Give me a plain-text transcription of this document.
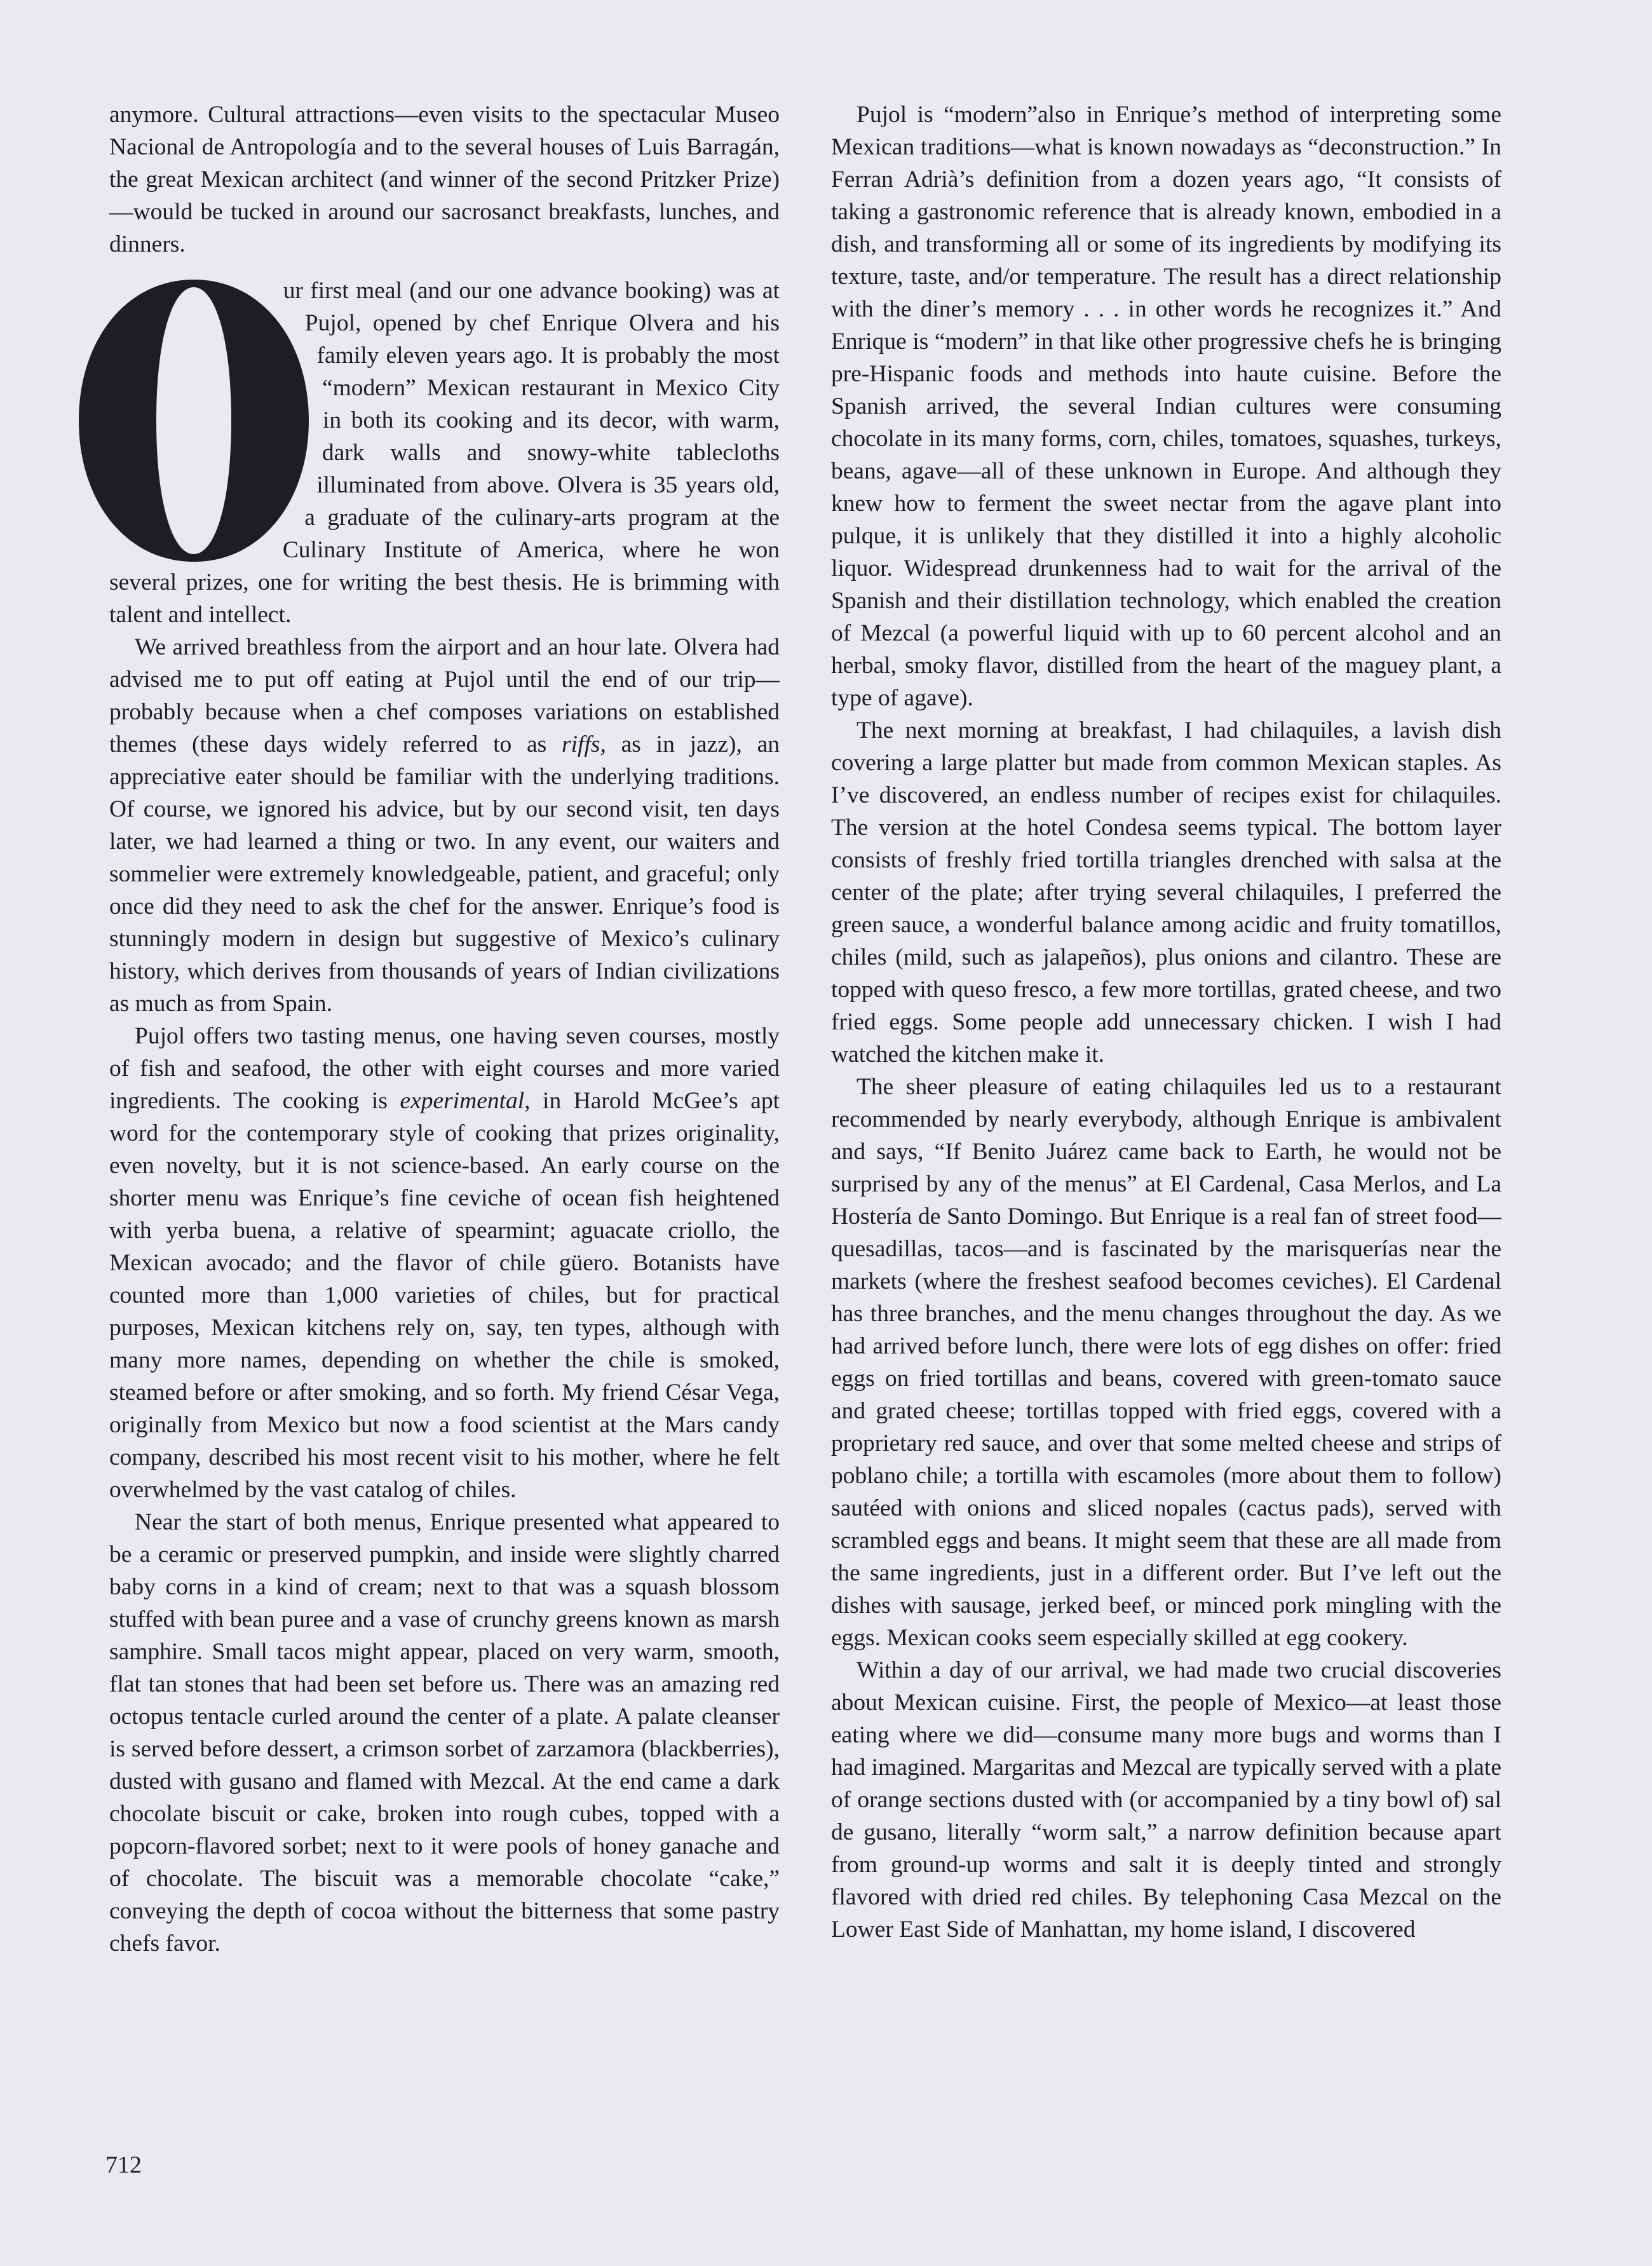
anymore. Cultural attractions—even visits to the spectacular Museo Nacional de Antropología and to the several houses of Luis Barragán, the great Mexican architect (and winner of the second Pritzker Prize)—would be tucked in around our sacrosanct breakfasts, lunches, and dinners.

O
ur first meal (and our one advance booking) was at Pujol, opened by chef Enrique Olvera and his family eleven years ago. It is probably the most “modern” Mexican restaurant in Mexico City in both its cooking and its decor, with warm, dark walls and snowy-white tablecloths illuminated from above. Olvera is 35 years old, a graduate of the culinary-arts program at the Culinary Institute of America, where he won several prizes, one for writing the best thesis. He is brimming with talent and intellect.

We arrived breathless from the airport and an hour late. Olvera had advised me to put off eating at Pujol until the end of our trip—probably because when a chef composes variations on established themes (these days widely referred to as riffs, as in jazz), an appreciative eater should be familiar with the underlying traditions. Of course, we ignored his advice, but by our second visit, ten days later, we had learned a thing or two. In any event, our waiters and sommelier were extremely knowledgeable, patient, and graceful; only once did they need to ask the chef for the answer. Enrique’s food is stunningly modern in design but suggestive of Mexico’s culinary history, which derives from thousands of years of Indian civilizations as much as from Spain.

Pujol offers two tasting menus, one having seven courses, mostly of fish and seafood, the other with eight courses and more varied ingredients. The cooking is experimental, in Harold McGee’s apt word for the contemporary style of cooking that prizes originality, even novelty, but it is not science-based. An early course on the shorter menu was Enrique’s fine ceviche of ocean fish heightened with yerba buena, a relative of spearmint; aguacate criollo, the Mexican avocado; and the flavor of chile güero. Botanists have counted more than 1,000 varieties of chiles, but for practical purposes, Mexican kitchens rely on, say, ten types, although with many more names, depending on whether the chile is smoked, steamed before or after smoking, and so forth. My friend César Vega, originally from Mexico but now a food scientist at the Mars candy company, described his most recent visit to his mother, where he felt overwhelmed by the vast catalog of chiles.

Near the start of both menus, Enrique presented what appeared to be a ceramic or preserved pumpkin, and inside were slightly charred baby corns in a kind of cream; next to that was a squash blossom stuffed with bean puree and a vase of crunchy greens known as marsh samphire. Small tacos might appear, placed on very warm, smooth, flat tan stones that had been set before us. There was an amazing red octopus tentacle curled around the center of a plate. A palate cleanser is served before dessert, a crimson sorbet of zarzamora (blackberries), dusted with gusano and flamed with Mezcal. At the end came a dark chocolate biscuit or cake, broken into rough cubes, topped with a popcorn-flavored sorbet; next to it were pools of honey ganache and of chocolate. The biscuit was a memorable chocolate “cake,” conveying the depth of cocoa without the bitterness that some pastry chefs favor.

Pujol is “modern”also in Enrique’s method of interpreting some Mexican traditions—what is known nowadays as “deconstruction.” In Ferran Adrià’s definition from a dozen years ago, “It consists of taking a gastronomic reference that is already known, embodied in a dish, and transforming all or some of its ingredients by modifying its texture, taste, and/or temperature. The result has a direct relationship with the diner’s memory . . . in other words he recognizes it.” And Enrique is “modern” in that like other progressive chefs he is bringing pre-Hispanic foods and methods into haute cuisine. Before the Spanish arrived, the several Indian cultures were consuming chocolate in its many forms, corn, chiles, tomatoes, squashes, turkeys, beans, agave—all of these unknown in Europe. And although they knew how to ferment the sweet nectar from the agave plant into pulque, it is unlikely that they distilled it into a highly alcoholic liquor. Widespread drunkenness had to wait for the arrival of the Spanish and their distillation technology, which enabled the creation of Mezcal (a powerful liquid with up to 60 percent alcohol and an herbal, smoky flavor, distilled from the heart of the maguey plant, a type of agave).

The next morning at breakfast, I had chilaquiles, a lavish dish covering a large platter but made from common Mexican staples. As I’ve discovered, an endless number of recipes exist for chilaquiles. The version at the hotel Condesa seems typical. The bottom layer consists of freshly fried tortilla triangles drenched with salsa at the center of the plate; after trying several chilaquiles, I preferred the green sauce, a wonderful balance among acidic and fruity tomatillos, chiles (mild, such as jalapeños), plus onions and cilantro. These are topped with queso fresco, a few more tortillas, grated cheese, and two fried eggs. Some people add unnecessary chicken. I wish I had watched the kitchen make it.

The sheer pleasure of eating chilaquiles led us to a restaurant recommended by nearly everybody, although Enrique is ambivalent and says, “If Benito Juárez came back to Earth, he would not be surprised by any of the menus” at El Cardenal, Casa Merlos, and La Hostería de Santo Domingo. But Enrique is a real fan of street food—quesadillas, tacos—and is fascinated by the marisquerías near the markets (where the freshest seafood becomes ceviches). El Cardenal has three branches, and the menu changes throughout the day. As we had arrived before lunch, there were lots of egg dishes on offer: fried eggs on fried tortillas and beans, covered with green-tomato sauce and grated cheese; tortillas topped with fried eggs, covered with a proprietary red sauce, and over that some melted cheese and strips of poblano chile; a tortilla with escamoles (more about them to follow) sautéed with onions and sliced nopales (cactus pads), served with scrambled eggs and beans. It might seem that these are all made from the same ingredients, just in a different order. But I’ve left out the dishes with sausage, jerked beef, or minced pork mingling with the eggs. Mexican cooks seem especially skilled at egg cookery.

Within a day of our arrival, we had made two crucial discoveries about Mexican cuisine. First, the people of Mexico—at least those eating where we did—consume many more bugs and worms than I had imagined. Margaritas and Mezcal are typically served with a plate of orange sections dusted with (or accompanied by a tiny bowl of) sal de gusano, literally “worm salt,” a narrow definition because apart from ground-up worms and salt it is deeply tinted and strongly flavored with dried red chiles. By telephoning Casa Mezcal on the Lower East Side of Manhattan, my home island, I discovered

712
